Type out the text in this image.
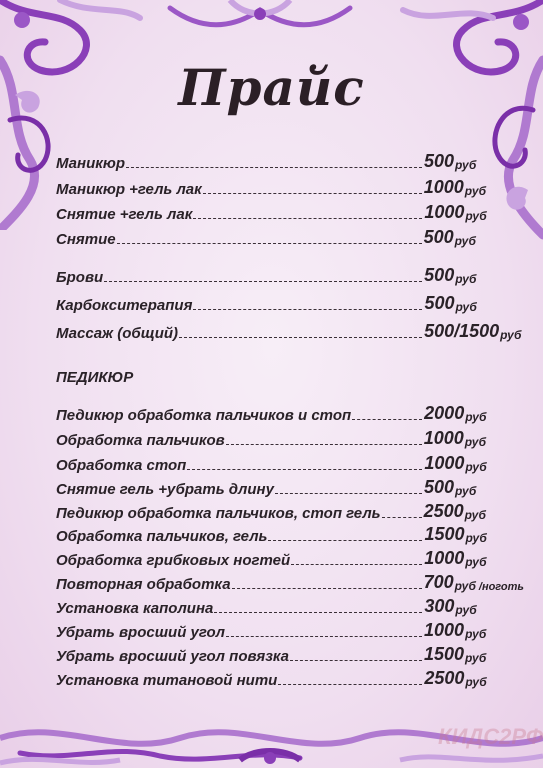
Прайс
Маникюр	500 руб
Маникюр +гель лак	1000 руб
Снятие +гель лак	1000 руб
Снятие	500 руб
Брови	500 руб
Карбокситерапия	500 руб
Массаж (общий)	500/1500 руб
Педикюр обработка пальчиков и стоп	2000 руб
Обработка пальчиков	1000 руб
Обработка стоп	1000 руб
Снятие гель +убрать длину	500 руб
Педикюр обработка пальчиков, стоп гель 2500 руб
Обработка пальчиков, гель	1500 руб
Обработка грибковых ногтей	1000 руб
Повторная обработка	700 руб /ноготь
Установка каполина	300 руб
Убрать вросший угол	1000 руб
Убрать вросший угол повязка	1500 руб
Установка титановой нити	2500 руб
ПЕДИКЮР
КИДС2РФ
